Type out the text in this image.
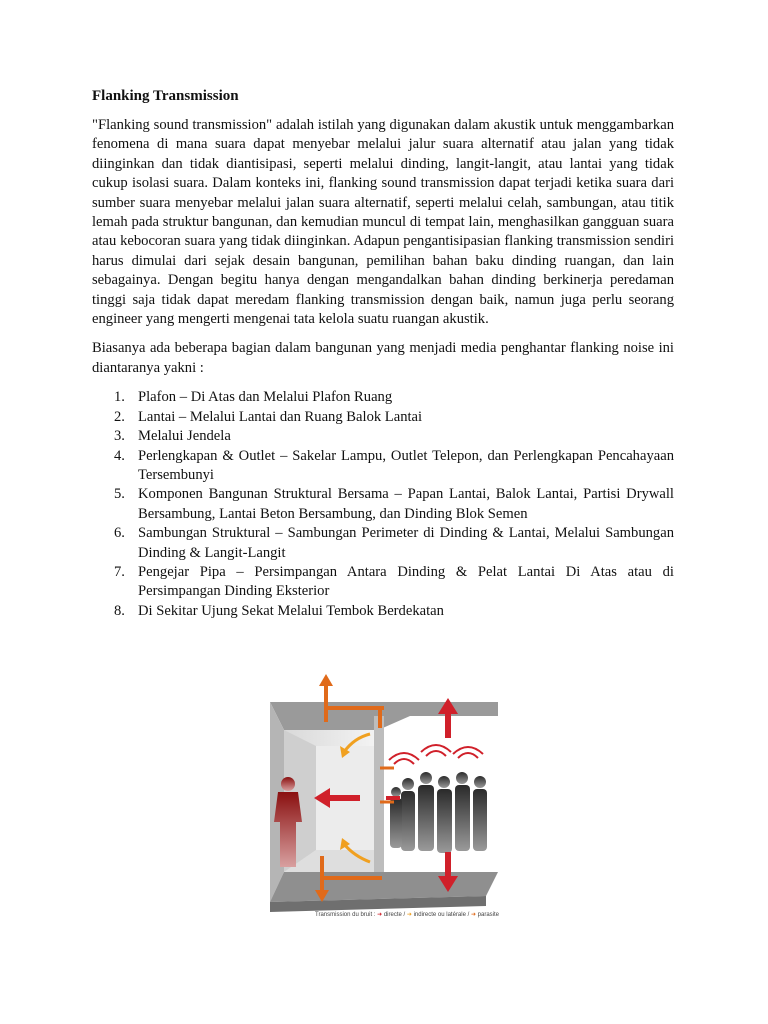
Flanking Transmission

"Flanking sound transmission" adalah istilah yang digunakan dalam akustik untuk menggambarkan fenomena di mana suara dapat menyebar melalui jalur suara alternatif atau jalan yang tidak diinginkan dan tidak diantisipasi, seperti melalui dinding, langit-langit, atau lantai yang tidak cukup isolasi suara. Dalam konteks ini, flanking sound transmission dapat terjadi ketika suara dari sumber suara menyebar melalui jalan suara alternatif, seperti melalui celah, sambungan, atau titik lemah pada struktur bangunan, dan kemudian muncul di tempat lain, menghasilkan gangguan suara atau kebocoran suara yang tidak diinginkan. Adapun pengantisipasian flanking transmission sendiri harus dimulai dari sejak desain bangunan, pemilihan bahan baku dinding ruangan, dan lain sebagainya. Dengan begitu hanya dengan mengandalkan bahan dinding berkinerja peredaman tinggi saja tidak dapat meredam flanking transmission dengan baik, namun juga perlu seorang engineer yang mengerti mengenai tata kelola suatu ruangan akustik.

Biasanya ada beberapa bagian dalam bangunan yang menjadi media penghantar flanking noise ini diantaranya yakni :

1. Plafon – Di Atas dan Melalui Plafon Ruang
2. Lantai – Melalui Lantai dan Ruang Balok Lantai
3. Melalui Jendela
4. Perlengkapan & Outlet – Sakelar Lampu, Outlet Telepon, dan Perlengkapan Pencahayaan Tersembunyi
5. Komponen Bangunan Struktural Bersama – Papan Lantai, Balok Lantai, Partisi Drywall Bersambung, Lantai Beton Bersambung, dan Dinding Blok Semen
6. Sambungan Struktural – Sambungan Perimeter di Dinding & Lantai, Melalui Sambungan Dinding & Langit-Langit
7. Pengejar Pipa – Persimpangan Antara Dinding & Pelat Lantai Di Atas atau di Persimpangan Dinding Eksterior
8. Di Sekitar Ujung Sekat Melalui Tembok Berdekatan
Transmission du bruit : ➜ directe / ➜ indirecte ou latérale / ➜ parasite
